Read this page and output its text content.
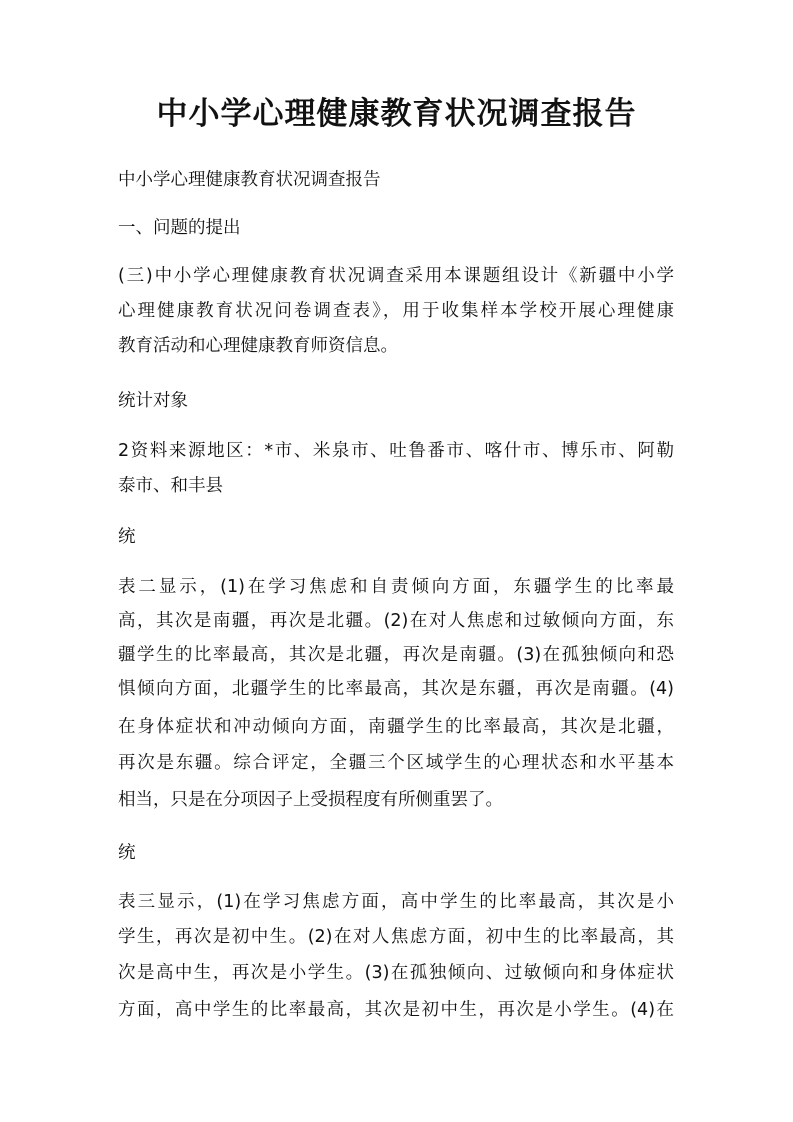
中小学心理健康教育状况调查报告
中小学心理健康教育状况调查报告
一、问题的提出
(三)中小学心理健康教育状况调查采用本课题组设计《新疆中小学
心理健康教育状况问卷调查表》，用于收集样本学校开展心理健康
教育活动和心理健康教育师资信息。
统计对象
2资料来源地区：*市、米泉市、吐鲁番市、喀什市、博乐市、阿勒
泰市、和丰县
统
表二显示，(1)在学习焦虑和自责倾向方面，东疆学生的比率最
高，其次是南疆，再次是北疆。(2)在对人焦虑和过敏倾向方面，东
疆学生的比率最高，其次是北疆，再次是南疆。(3)在孤独倾向和恐
惧倾向方面，北疆学生的比率最高，其次是东疆，再次是南疆。(4)
在身体症状和冲动倾向方面，南疆学生的比率最高，其次是北疆，
再次是东疆。综合评定，全疆三个区域学生的心理状态和水平基本
相当，只是在分项因子上受损程度有所侧重罢了。
统
表三显示，(1)在学习焦虑方面，高中学生的比率最高，其次是小
学生，再次是初中生。(2)在对人焦虑方面，初中生的比率最高，其
次是高中生，再次是小学生。(3)在孤独倾向、过敏倾向和身体症状
方面，高中学生的比率最高，其次是初中生，再次是小学生。(4)在
